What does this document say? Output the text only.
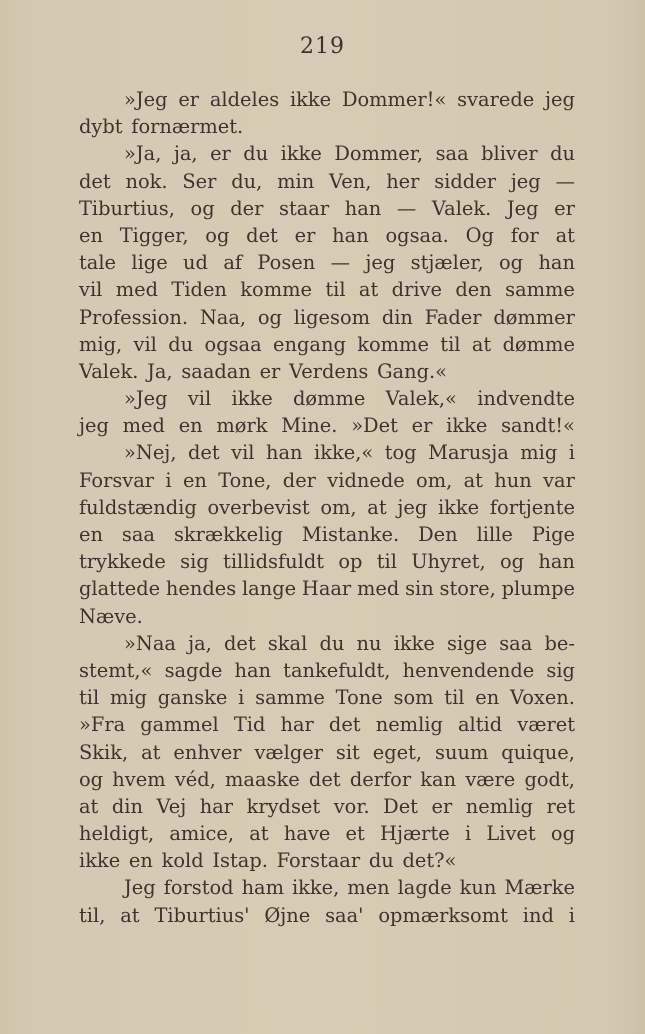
219
»Jeg er aldeles ikke Dommer!« svarede jeg
dybt fornærmet.
»Ja, ja, er du ikke Dommer, saa bliver du
det nok. Ser du, min Ven, her sidder jeg —
Tiburtius, og der staar han — Valek. Jeg er
en Tigger, og det er han ogsaa. Og for at
tale lige ud af Posen — jeg stjæler, og han
vil med Tiden komme til at drive den samme
Profession. Naa, og ligesom din Fader dømmer
mig, vil du ogsaa engang komme til at dømme
Valek. Ja, saadan er Verdens Gang.«
»Jeg vil ikke dømme Valek,« indvendte
jeg med en mørk Mine. »Det er ikke sandt!«
»Nej, det vil han ikke,« tog Marusja mig i
Forsvar i en Tone, der vidnede om, at hun var
fuldstændig overbevist om, at jeg ikke fortjente
en saa skrækkelig Mistanke. Den lille Pige
trykkede sig tillidsfuldt op til Uhyret, og han
glattede hendes lange Haar med sin store, plumpe
Næve.
»Naa ja, det skal du nu ikke sige saa be-
stemt,« sagde han tankefuldt, henvendende sig
til mig ganske i samme Tone som til en Voxen.
»Fra gammel Tid har det nemlig altid været
Skik, at enhver vælger sit eget, suum quique,
og hvem véd, maaske det derfor kan være godt,
at din Vej har krydset vor. Det er nemlig ret
heldigt, amice, at have et Hjærte i Livet og
ikke en kold Istap. Forstaar du det?«
Jeg forstod ham ikke, men lagde kun Mærke
til, at Tiburtius' Øjne saa' opmærksomt ind i
